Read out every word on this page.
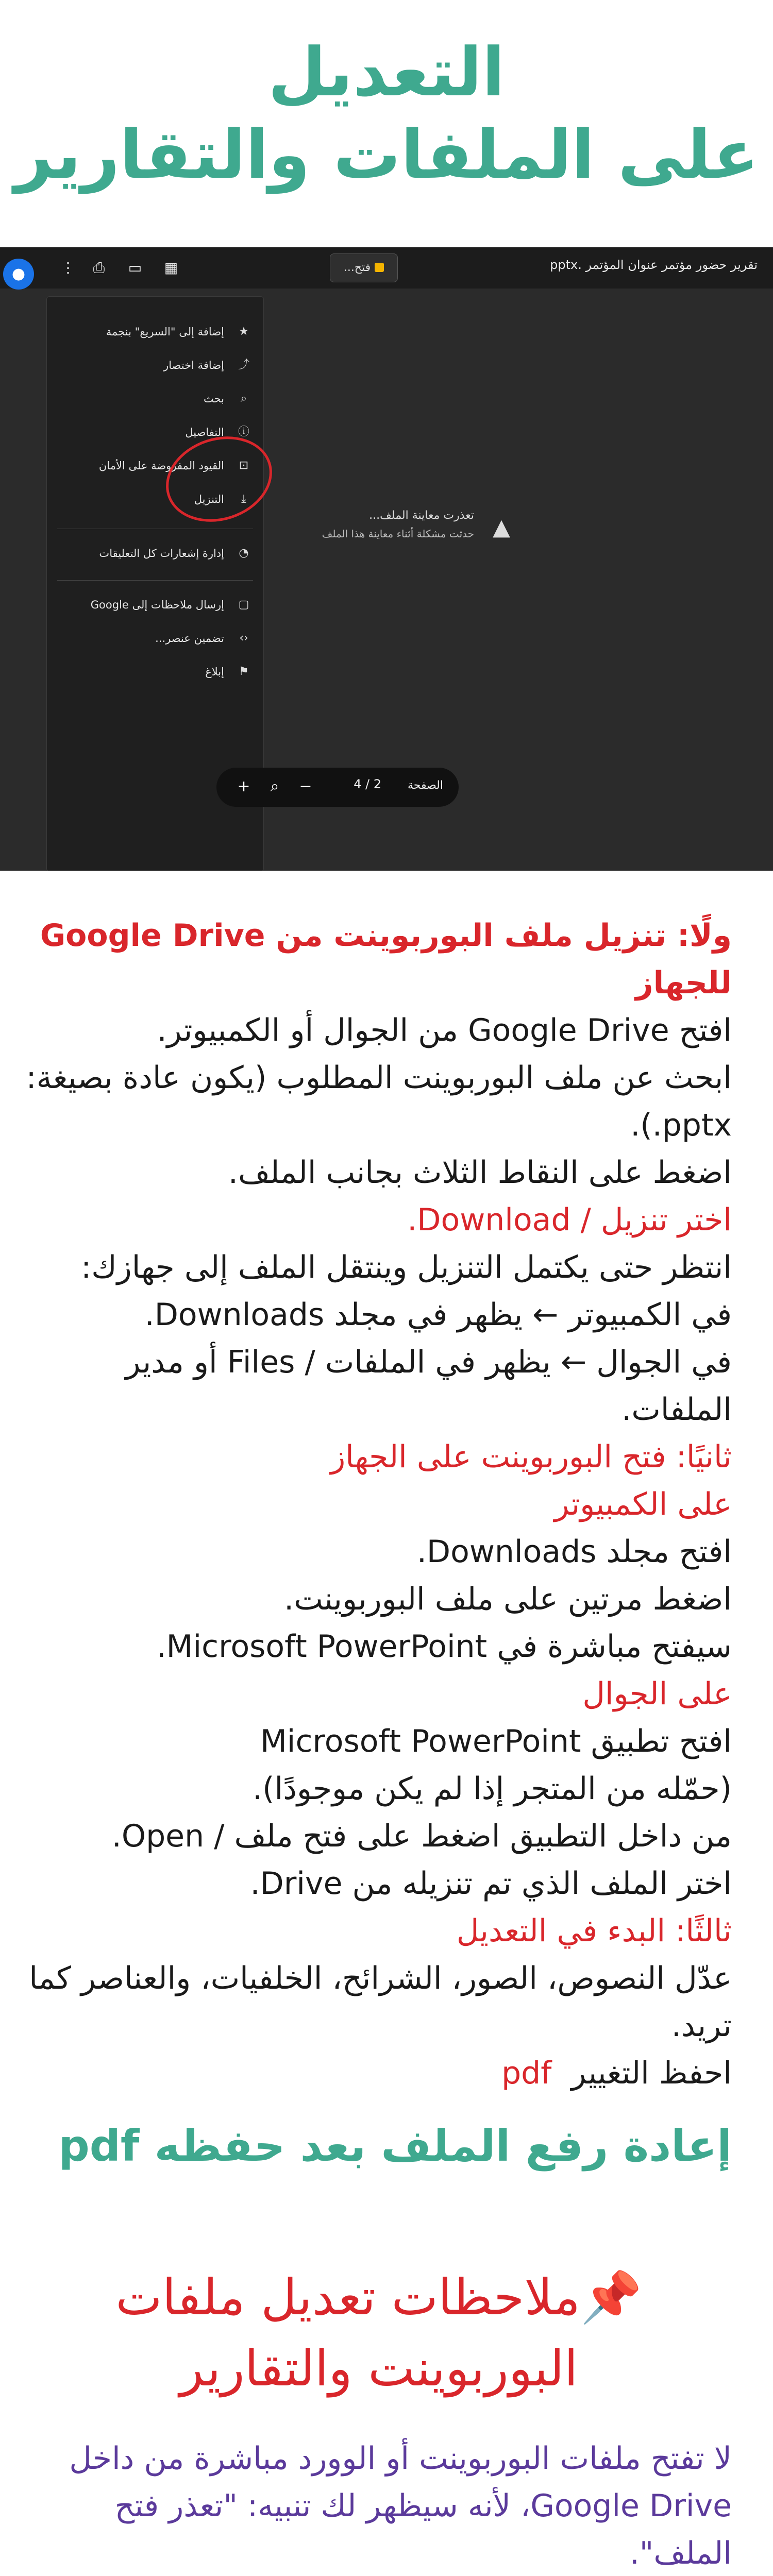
التعديل
على الملفات والتقارير
●	⋮	⎙	▭	▦	فتح...	تقرير حضور مؤتمر عنوان المؤتمر .pptx
★
إضافة إلى "السريع" بنجمة
⤴
إضافة اختصار
⌕
بحث
ⓘ
التفاصيل
⊡
القيود المفروضة على الأمان
⤓
التنزيل
◔
إدارة إشعارات كل التعليقات
▢
إرسال ملاحظات إلى Google
‹›
تضمين عنصر...
⚑
إبلاغ
▲
تعذرت معاينة الملف...
حدثت مشكلة أثناء معاينة هذا الملف
الصفحة
2 / 4
−
⌕
+
ولًا: تنزيل ملف البوربوينت من Google Drive للجهاز
افتح Google Drive من الجوال أو الكمبيوتر.
ابحث عن ملف البوربوينت المطلوب (يكون عادة بصيغة: pptx.).
اضغط على النقاط الثلاث بجانب الملف.
اختر تنزيل / Download.
انتظر حتى يكتمل التنزيل وينتقل الملف إلى جهازك:
في الكمبيوتر ← يظهر في مجلد Downloads.
في الجوال ← يظهر في الملفات / Files أو مدير الملفات.
ثانيًا: فتح البوربوينت على الجهاز
على الكمبيوتر
افتح مجلد Downloads.
اضغط مرتين على ملف البوربوينت.
سيفتح مباشرة في Microsoft PowerPoint.
على الجوال
افتح تطبيق Microsoft PowerPoint
(حمّله من المتجر إذا لم يكن موجودًا).
من داخل التطبيق اضغط على فتح ملف / Open.
اختر الملف الذي تم تنزيله من Drive.
ثالثًا: البدء في التعديل
عدّل النصوص، الصور، الشرائح، الخلفيات، والعناصر كما تريد.
احفظ التغيير  pdf
إعادة رفع الملف بعد حفظه pdf
📌ملاحظات تعديل ملفات البوربوينت والتقارير
لا تفتح ملفات البوربوينت أو الوورد مباشرة من داخل Google Drive، لأنه سيظهر لك تنبيه: "تعذر فتح الملف".
